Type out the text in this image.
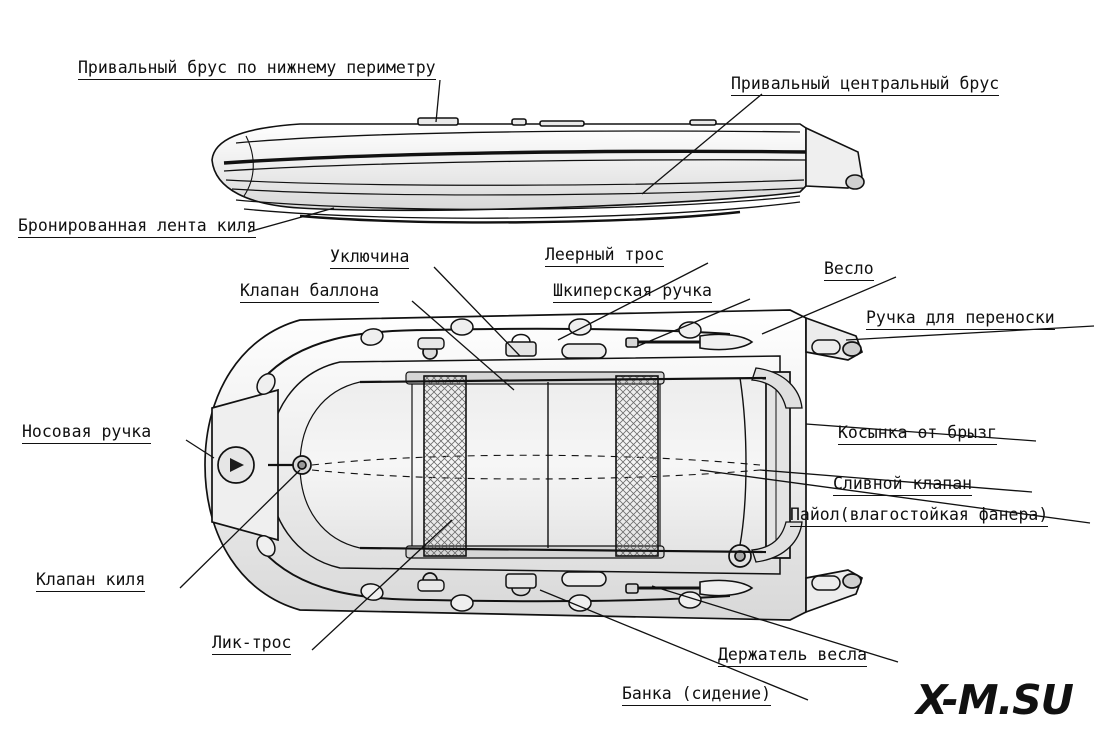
Привальный брус по нижнему периметру
Привальный центральный брус
Бронированная лента киля
Уключина	Леерный трос
Весло
Клапан баллона	Шкиперская ручка
Ручка для переноски
Носовая ручка	Косынка от брызг
Сливной клапан
Пайол(влагостойкая фанера)
Клапан киля
Лик-трос
Держатель весла
Банка (сидение)	X-M.SU
